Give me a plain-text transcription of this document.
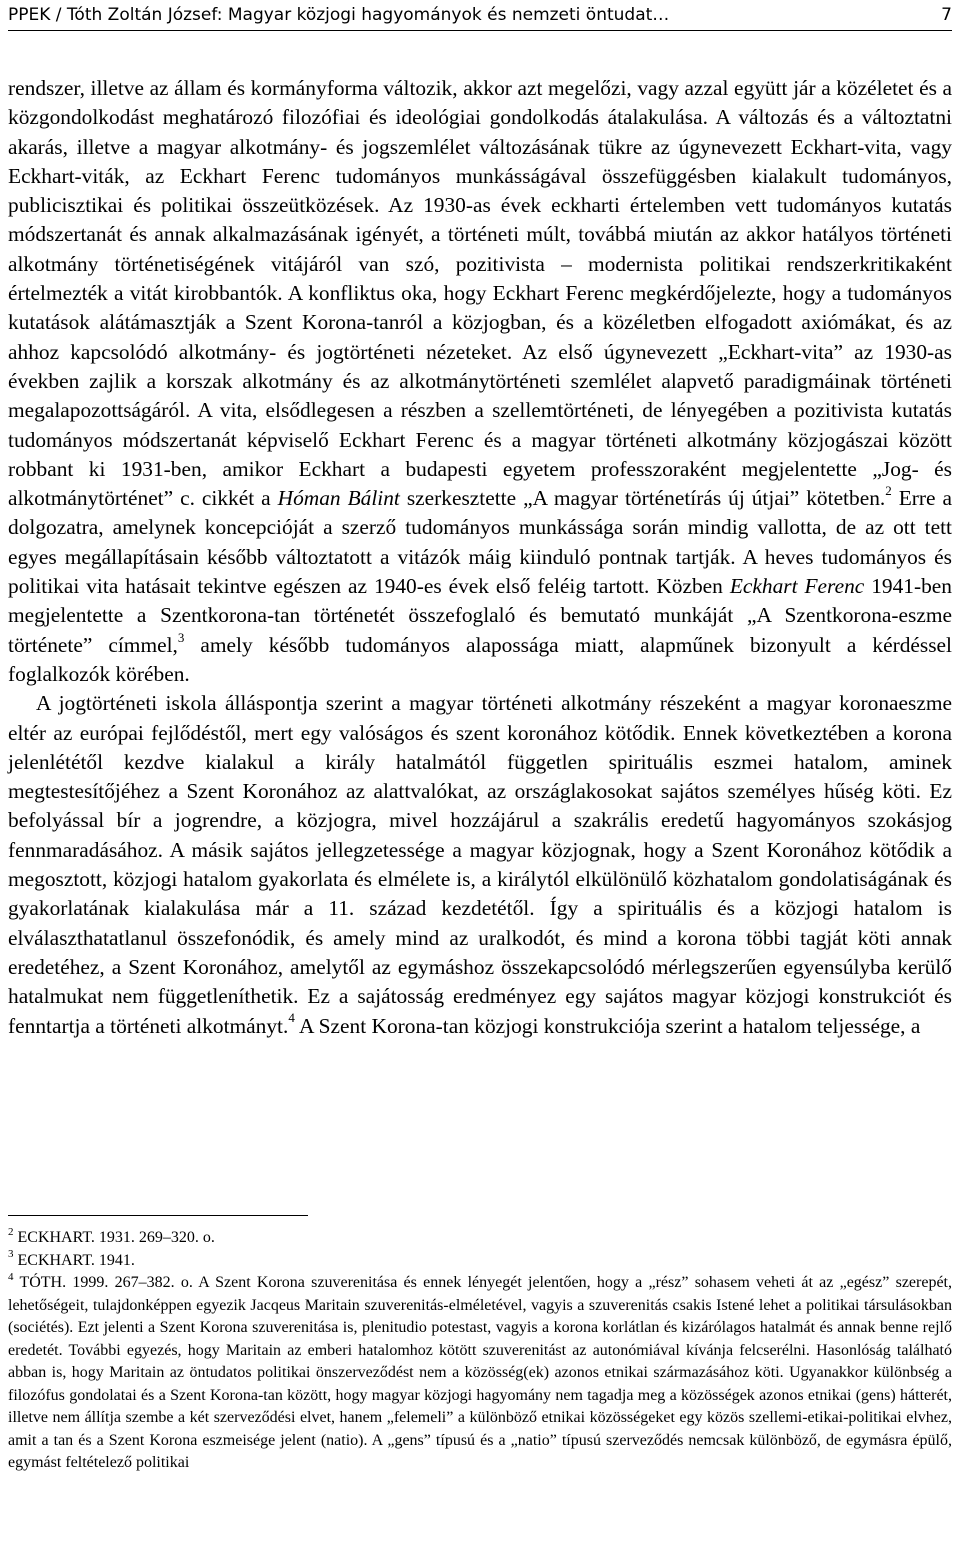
PPEK / Tóth Zoltán József: Magyar közjogi hagyományok és nemzeti öntudat…	7

rendszer, illetve az állam és kormányforma változik, akkor azt megelőzi, vagy azzal együtt jár a közéletet és a közgondolkodást meghatározó filozófiai és ideológiai gondolkodás átalakulása. A változás és a változtatni akarás, illetve a magyar alkotmány- és jogszemlélet változásának tükre az úgynevezett Eckhart-vita, vagy Eckhart-viták, az Eckhart Ferenc tudományos munkásságával összefüggésben kialakult tudományos, publicisztikai és politikai összeütközések. Az 1930-as évek eckharti értelemben vett tudományos kutatás módszertanát és annak alkalmazásának igényét, a történeti múlt, továbbá miután az akkor hatályos történeti alkotmány történetiségének vitájáról van szó, pozitivista – modernista politikai rendszerkritikaként értelmezték a vitát kirobbantók. A konfliktus oka, hogy Eckhart Ferenc megkérdőjelezte, hogy a tudományos kutatások alátámasztják a Szent Korona-tanról a közjogban, és a közéletben elfogadott axiómákat, és az ahhoz kapcsolódó alkotmány- és jogtörténeti nézeteket. Az első úgynevezett „Eckhart-vita” az 1930-as években zajlik a korszak alkotmány és az alkotmánytörténeti szemlélet alapvető paradigmáinak történeti megalapozottságáról. A vita, elsődlegesen a részben a szellemtörténeti, de lényegében a pozitivista kutatás tudományos módszertanát képviselő Eckhart Ferenc és a magyar történeti alkotmány közjogászai között robbant ki 1931-ben, amikor Eckhart a budapesti egyetem professzoraként megjelentette „Jog- és alkotmánytörténet” c. cikkét a Hóman Bálint szerkesztette „A magyar történetírás új útjai” kötetben.$^2$ Erre a dolgozatra, amelynek koncepcióját a szerző tudományos munkássága során mindig vallotta, de az ott tett egyes megállapításain később változtatott a vitázók máig kiinduló pontnak tartják. A heves tudományos és politikai vita hatásait tekintve egészen az 1940-es évek első feléig tartott. Közben Eckhart Ferenc 1941-ben megjelentette a Szentkorona-tan történetét összefoglaló és bemutató munkáját „A Szentkorona-eszme története” címmel,$^3$ amely később tudományos alapossága miatt, alapműnek bizonyult a kérdéssel foglalkozók körében.

A jogtörténeti iskola álláspontja szerint a magyar történeti alkotmány részeként a magyar koronaeszme eltér az európai fejlődéstől, mert egy valóságos és szent koronához kötődik. Ennek következtében a korona jelenlététől kezdve kialakul a király hatalmától független spirituális eszmei hatalom, aminek megtestesítőjéhez a Szent Koronához az alattvalókat, az országlakosokat sajátos személyes hűség köti. Ez befolyással bír a jogrendre, a közjogra, mivel hozzájárul a szakrális eredetű hagyományos szokásjog fennmaradásához. A másik sajátos jellegzetessége a magyar közjognak, hogy a Szent Koronához kötődik a megosztott, közjogi hatalom gyakorlata és elmélete is, a királytól elkülönülő közhatalom gondolatiságának és gyakorlatának kialakulása már a 11. század kezdetétől. Így a spirituális és a közjogi hatalom is elválaszthatatlanul összefonódik, és amely mind az uralkodót, és mind a korona többi tagját köti annak eredetéhez, a Szent Koronához, amelytől az egymáshoz összekapcsolódó mérlegszerűen egyensúlyba kerülő hatalmukat nem függetleníthetik. Ez a sajátosság eredményez egy sajátos magyar közjogi konstrukciót és fenntartja a történeti alkotmányt.$^4$ A Szent Korona-tan közjogi konstrukciója szerint a hatalom teljessége, a

$^2$ ECKHART. 1931. 269–320. o.

$^3$ ECKHART. 1941.

$^4$ TÓTH. 1999. 267–382. o. A Szent Korona szuverenitása és ennek lényegét jelentően, hogy a „rész” sohasem veheti át az „egész” szerepét, lehetőségeit, tulajdonképpen egyezik Jacqeus Maritain szuverenitás-elméletével, vagyis a szuverenitás csakis Istené lehet a politikai társulásokban (sociétés). Ezt jelenti a Szent Korona szuverenitása is, plenitudio potestast, vagyis a korona korlátlan és kizárólagos hatalmát és annak benne rejlő eredetét. További egyezés, hogy Maritain az emberi hatalomhoz kötött szuverenitást az autonómiával kívánja felcserélni. Hasonlóság található abban is, hogy Maritain az öntudatos politikai önszerveződést nem a közösség(ek) azonos etnikai származásához köti. Ugyanakkor különbség a filozófus gondolatai és a Szent Korona-tan között, hogy magyar közjogi hagyomány nem tagadja meg a közösségek azonos etnikai (gens) hátterét, illetve nem állítja szembe a két szerveződési elvet, hanem „felemeli” a különböző etnikai közösségeket egy közös szellemi-etikai-politikai elvhez, amit a tan és a Szent Korona eszmeisége jelent (natio). A „gens” típusú és a „natio” típusú szerveződés nemcsak különböző, de egymásra épülő, egymást feltételező politikai
